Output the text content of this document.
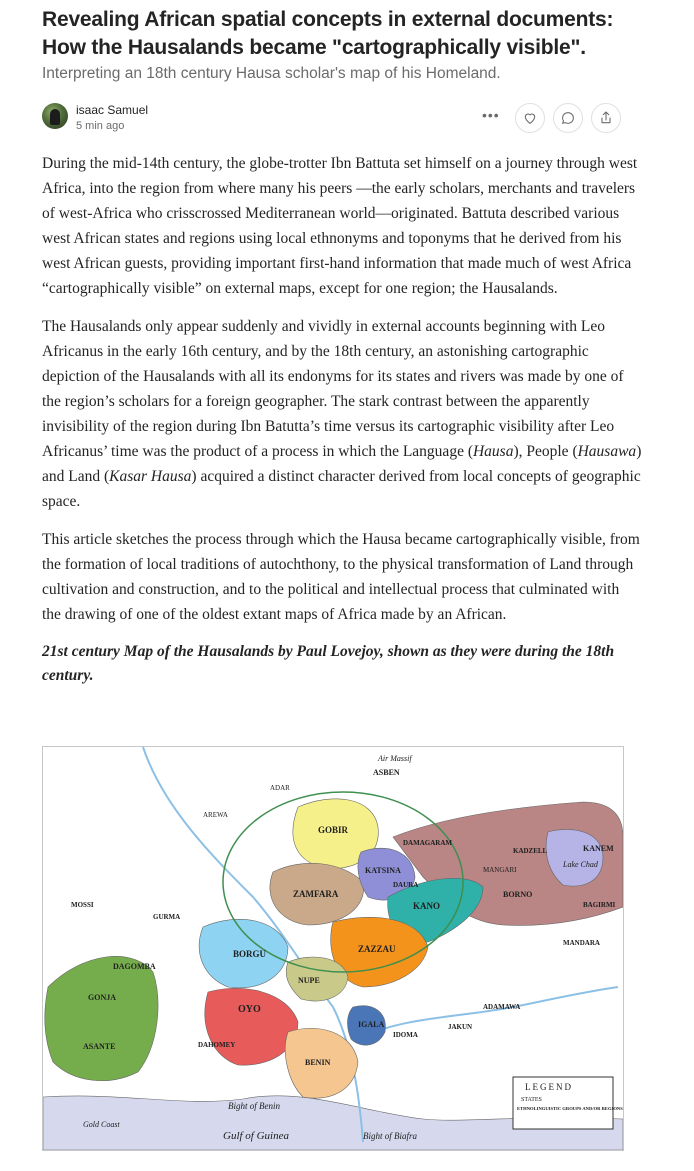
Revealing African spatial concepts in external documents: How the Hausalands became "cartographically visible".
Interpreting an 18th century Hausa scholar's map of his Homeland.
isaac Samuel
5 min ago
•••

During the mid-14th century, the globe-trotter Ibn Battuta set himself on a journey through west Africa, into the region from where many his peers —the early scholars, merchants and travelers of west-Africa who crisscrossed Mediterranean world—originated. Battuta described various west African states and regions using local ethnonyms and toponyms that he derived from his west African guests, providing important first-hand information that made much of west Africa “cartographically visible” on external maps, except for one region; the Hausalands.

The Hausalands only appear suddenly and vividly in external accounts beginning with Leo Africanus in the early 16th century, and by the 18th century, an astonishing cartographic depiction of the Hausalands with all its endonyms for its states and rivers was made by one of the region’s scholars for a foreign geographer. The stark contrast between the apparently invisibility of the region during Ibn Batutta’s time versus its cartographic visibility after Leo Africanus’ time was the product of a process in which the Language (Hausa), People (Hausawa) and Land (Kasar Hausa) acquired a distinct character derived from local concepts of geographic space.

This article sketches the process through which the Hausa became cartographically visible, from the formation of local traditions of autochthony, to the physical transformation of Land through cultivation and construction, and to the political and intellectual process that culminated with the drawing of one of the oldest extant maps of Africa made by an African.

21st century Map of the Hausalands by Paul Lovejoy, shown as they were during the 18th century.

Air Massif
ASBEN
AREWA
ADAR
GOBIR
ZAMFARA
KATSINA
DAURA
KANO
DAMAGARAM
KADZELL
MANGARI
KANEM
Lake Chad
BORNO
BAGIRMI
MANDARA
MOSSI
GURMA
BORGU	ZAZZAU
NUPE
OYO
DAGOMBA
GONJA
ASANTE	DAHOMEY
IGALA
BENIN
IDOMA
JAKUN
ADAMAWA
Bight of Benin
Bight of Biafra
Gulf of Guinea
Gold Coast
LEGEND
STATES
ETHNOLINGUISTIC GROUPS AND/OR REGIONS
